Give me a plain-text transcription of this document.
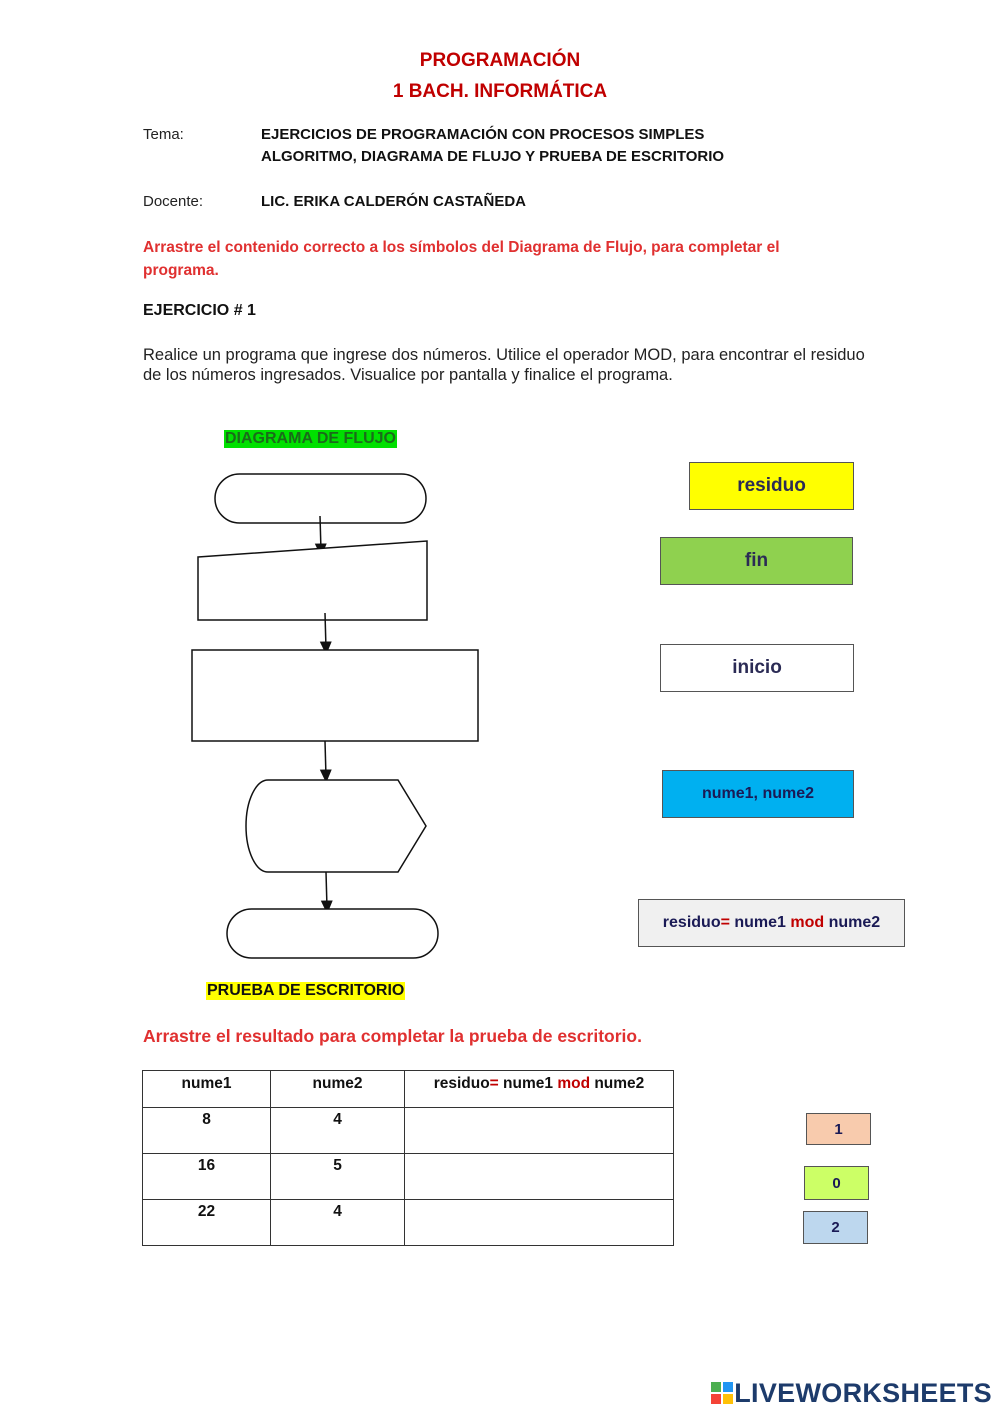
PROGRAMACIÓN
1 BACH. INFORMÁTICA
Tema:	EJERCICIOS DE PROGRAMACIÓN CON PROCESOS SIMPLES
ALGORITMO, DIAGRAMA DE FLUJO Y PRUEBA DE ESCRITORIO
Docente:	LIC. ERIKA CALDERÓN CASTAÑEDA
Arrastre el contenido correcto a los símbolos del Diagrama de Flujo, para completar el programa.
EJERCICIO # 1
Realice un programa que ingrese dos números. Utilice el operador MOD, para encontrar el residuo de los números ingresados. Visualice por pantalla y finalice el programa.
DIAGRAMA DE FLUJO
residuo
fin
inicio
nume1, nume2
residuo = nume1 mod nume2
PRUEBA DE ESCRITORIO
Arrastre el resultado para completar la prueba de escritorio.
nume1	nume2	residuo= nume1 mod nume2

8	4	

16	5	

22	4	

1
0
2
LIVEWORKSHEETS
